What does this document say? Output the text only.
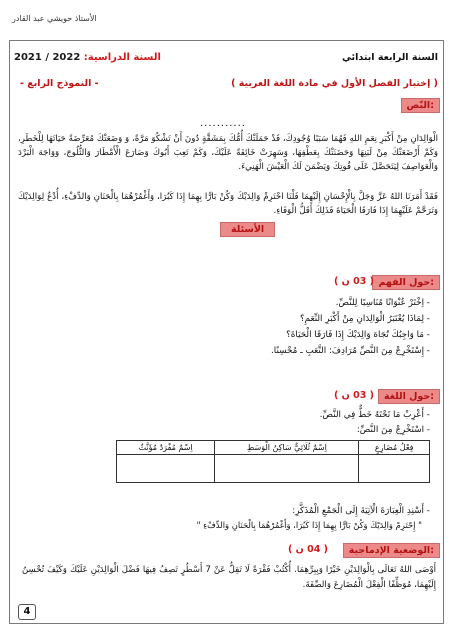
الأستاذ حويشي عبد القادر
السنة الرابعة ابتدائي
السنة الدراسية: 2021 / 2022
( إختبار الفصل الأول في مادة اللغة العربية )
- النموذج الرابع -
النّص:
...........
الْوَالِدَانِ مِنْ أَكْبَرِ نِعَمِ اللهِ فَهُمَا سَبَبًا وُجُودِكَ، قَدْ حَمَلَتْكَ أُمُّكَ بِمَشَقَّةٍ دُونَ أَنْ تَشْكُوَ مَرَّةً، وَ وَضَعَتْكَ مُعَرِّضَةً حَيَاتَهَا لِلْخَطَرِ، وَكَمْ أَرْضَعَتْكَ مِنْ لَبَنِهَا وَحَضَنَتْكَ بِعَطْفِهَا، وَسَهِرَتْ خَائِفَةً عَلَيْكَ، وَكَمْ تَعِبَ أَبُوكَ وَصَارَعَ الْأَمْطَارَ وَالثُّلُوجَ، وَوَاجَهَ الْبَرْدَ وَالْعَوَاصِفَ لِيَتَحَصَّلَ عَلَى قُوتِكَ وَيَضْمَنَ لَكَ الْعَيْشَ الْهَنِيءَ.
فَقَدْ أَمَرَنَا اللهُ عَزَّ وَجَلَّ بِالْإِحْسَانِ إِلَيْهِمَا فَلْنَا احْتَرِمْ وَالِدَيْكَ وَكُنْ بَارًّا بِهِمَا إِذَا كَبُرَا، وَأَغْمُرْهُمَا بِالْحَنَانِ وَالدِّفْءِ، أُدْعُ لِوَالِدَيْكَ وَتَرَحَّمْ عَلَيْهِمَا إِذَا فَارَقَا الْحَيَاةَ فَذَلِكَ أَقَلُّ الْوَفَاءِ.
الأسئلة
حول الفهم:
( 03 ن )
- اِخْتَرْ عُنْوَانًا مُنَاسِبًا لِلنَّصِّ.
- لِمَاذَا يُعْتَبَرُ الْوَالِدَانِ مِنْ أَكْبَرِ النِّعَمِ؟
- مَا وَاجِبُكَ تُجَاهَ وَالِدَيْكَ إِذَا فَارَقَا الْحَيَاةَ؟
- إِسْتَخْرِجْ مِنَ النَّصِّ مُرَادِفَ: التَّعَبِ ـ مُحْسِنًا.
حول اللغة:
( 03 ن )
- أَعْرِبْ مَا تَحْتَهُ خَطٌّ فِي النَّصِّ.
- اسْتَخْرِجْ مِنَ النَّصِّ:
فِعْلُ مُضَارِعٍ	اِسْمٌ ثُلَاثِيٌّ سَاكِنُ الْوَسَطِ	اِسْمٌ مُفْرَدٌ مُؤَنَّثٌ

- أَسْنِدِ الْعِبَارَةَ الْآتِيَةَ إِلَى الْجَمْعِ الْمُذَكَّرِ:
" إِحْتَرِمْ وَالِدَيْكَ وَكُنْ بَارًّا بِهِمَا إِذَا كَبُرَا، وَأَغْمُرْهُمَا بِالْحَنَانِ وَالدِّفْءِ "
الوضعية الإدماجية:
( 04 ن )
أَوْصَى اللهُ تَعَالَى بِالْوَالِدَيْنِ خَيْرًا وَبِبِرِّهِمَا. أُكْتُبْ فَقْرَةً لَا تَقِلُّ عَنْ 7 أَسْطُرٍ تَصِفُ فِيهَا فَضْلَ الْوَالِدَيْنِ عَلَيْكَ وَكَيْفَ تُحْسِنُ إِلَيْهِمَا، مُوَظِّفًا الْفِعْلَ الْمُضَارِعَ وَالصِّفَةَ.
4
